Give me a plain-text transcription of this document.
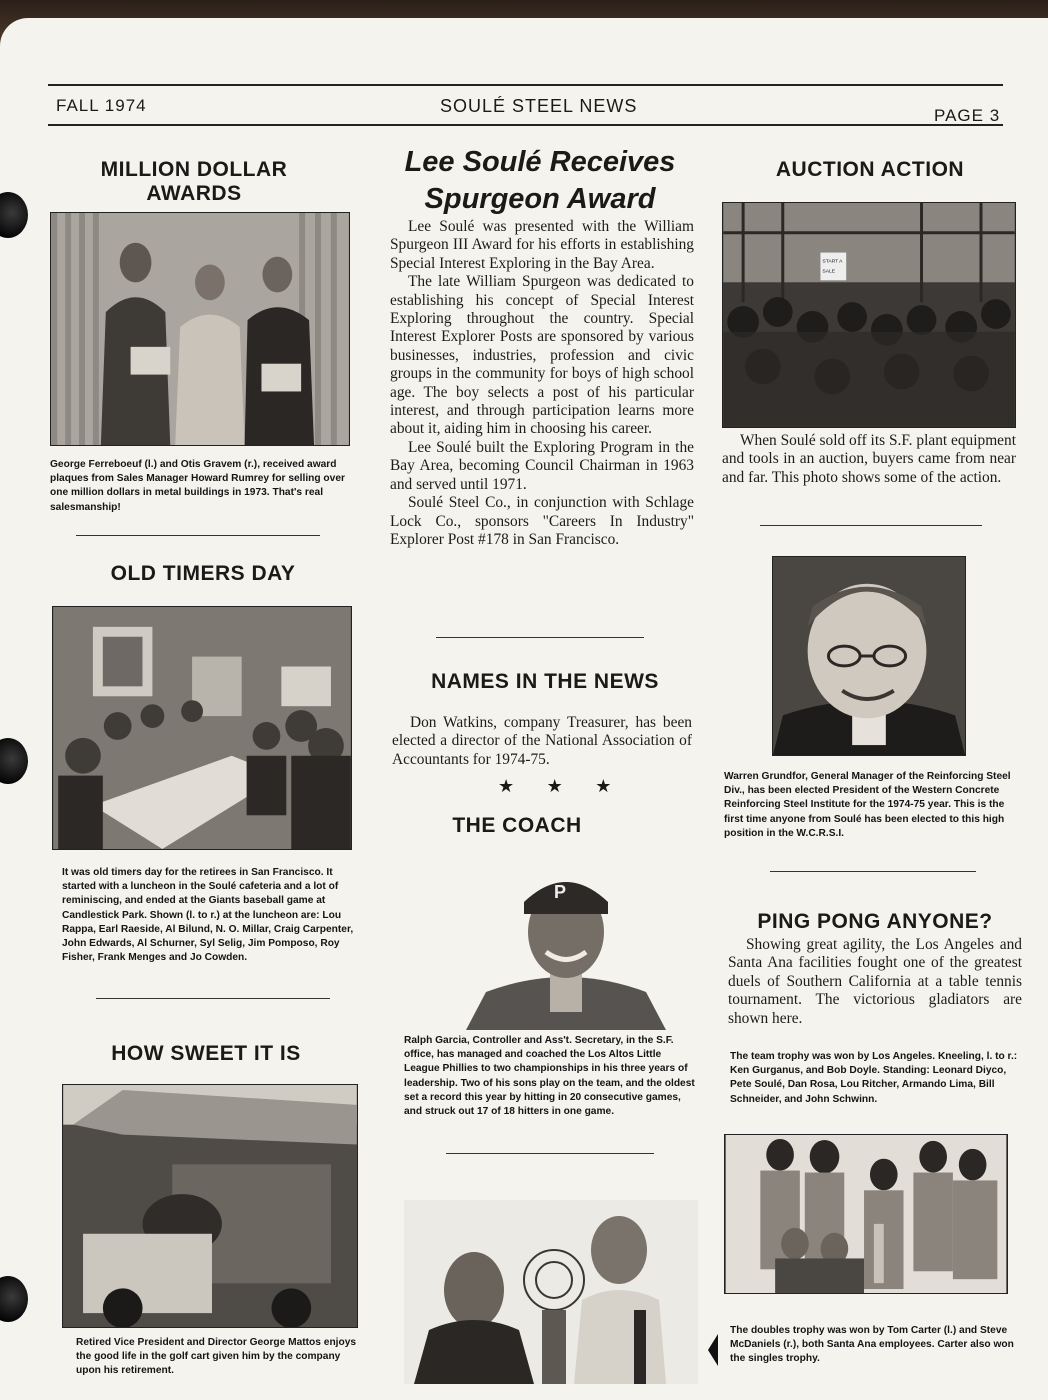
FALL 1974	SOULÉ STEEL NEWS	PAGE 3
MILLION DOLLAR AWARDS
George Ferreboeuf (l.) and Otis Gravem (r.), received award plaques from Sales Manager Howard Rumrey for selling over one million dollars in metal buildings in 1973. That's real salesmanship!
OLD TIMERS DAY
It was old timers day for the retirees in San Francisco. It started with a luncheon in the Soulé cafeteria and a lot of reminiscing, and ended at the Giants baseball game at Candlestick Park. Shown (l. to r.) at the luncheon are: Lou Rappa, Earl Raeside, Al Bilund, N. O. Millar, Craig Carpenter, John Edwards, Al Schurner, Syl Selig, Jim Pomposo, Roy Fisher, Frank Menges and Jo Cowden.
HOW SWEET IT IS
Retired Vice President and Director George Mattos enjoys the good life in the golf cart given him by the company upon his retirement.
Lee Soulé Receives
Spurgeon Award

Lee Soulé was presented with the William Spurgeon III Award for his efforts in establishing Special Interest Exploring in the Bay Area.

The late William Spurgeon was dedicated to establishing his concept of Special Interest Exploring throughout the country. Special Interest Explorer Posts are sponsored by various businesses, industries, profession and civic groups in the community for boys of high school age. The boy selects a post of his particular interest, and through participation learns more about it, aiding him in choosing his career.

Lee Soulé built the Exploring Program in the Bay Area, becoming Council Chairman in 1963 and served until 1971.

Soulé Steel Co., in conjunction with Schlage Lock Co., sponsors "Careers In Industry" Explorer Post #178 in San Francisco.

NAMES IN THE NEWS
Don Watkins, company Treasurer, has been elected a director of the National Association of Accountants for 1974-75.
★ ★ ★
THE COACH
P
Ralph Garcia, Controller and Ass't. Secretary, in the S.F. office, has managed and coached the Los Altos Little League Phillies to two championships in his three years of leadership. Two of his sons play on the team, and the oldest set a record this year by hitting in 20 consecutive games, and struck out 17 of 18 hitters in one game.
AUCTION ACTION
START A
SALE
When Soulé sold off its S.F. plant equipment and tools in an auction, buyers came from near and far. This photo shows some of the action.
Warren Grundfor, General Manager of the Reinforcing Steel Div., has been elected President of the Western Concrete Reinforcing Steel Institute for the 1974-75 year. This is the first time anyone from Soulé has been elected to this high position in the W.C.R.S.I.
PING PONG ANYONE?
Showing great agility, the Los Angeles and Santa Ana facilities fought one of the greatest duels of Southern California at a table tennis tournament. The victorious gladiators are shown here.
The team trophy was won by Los Angeles. Kneeling, l. to r.: Ken Gurganus, and Bob Doyle. Standing: Leonard Diyco, Pete Soulé, Dan Rosa, Lou Ritcher, Armando Lima, Bill Schneider, and John Schwinn.
The doubles trophy was won by Tom Carter (l.) and Steve McDaniels (r.), both Santa Ana employees. Carter also won the singles trophy.
